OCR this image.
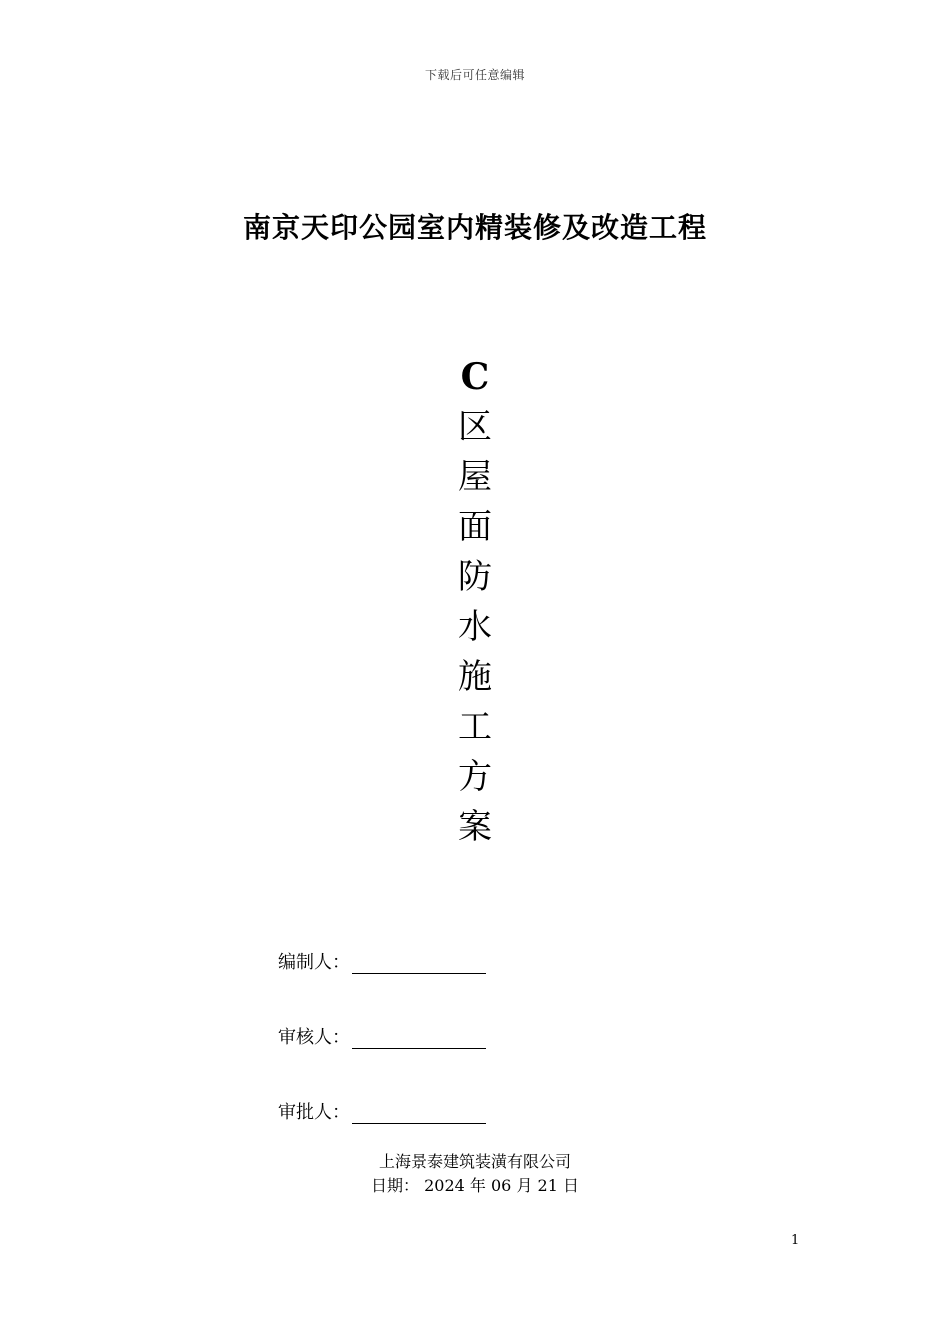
下载后可任意编辑
南京天印公园室内精装修及改造工程
C
区
屋
面
防
水
施
工
方
案
编制人：
审核人：
审批人：
上海景泰建筑装潢有限公司
日期： 2024 年 06 月 21 日
1
